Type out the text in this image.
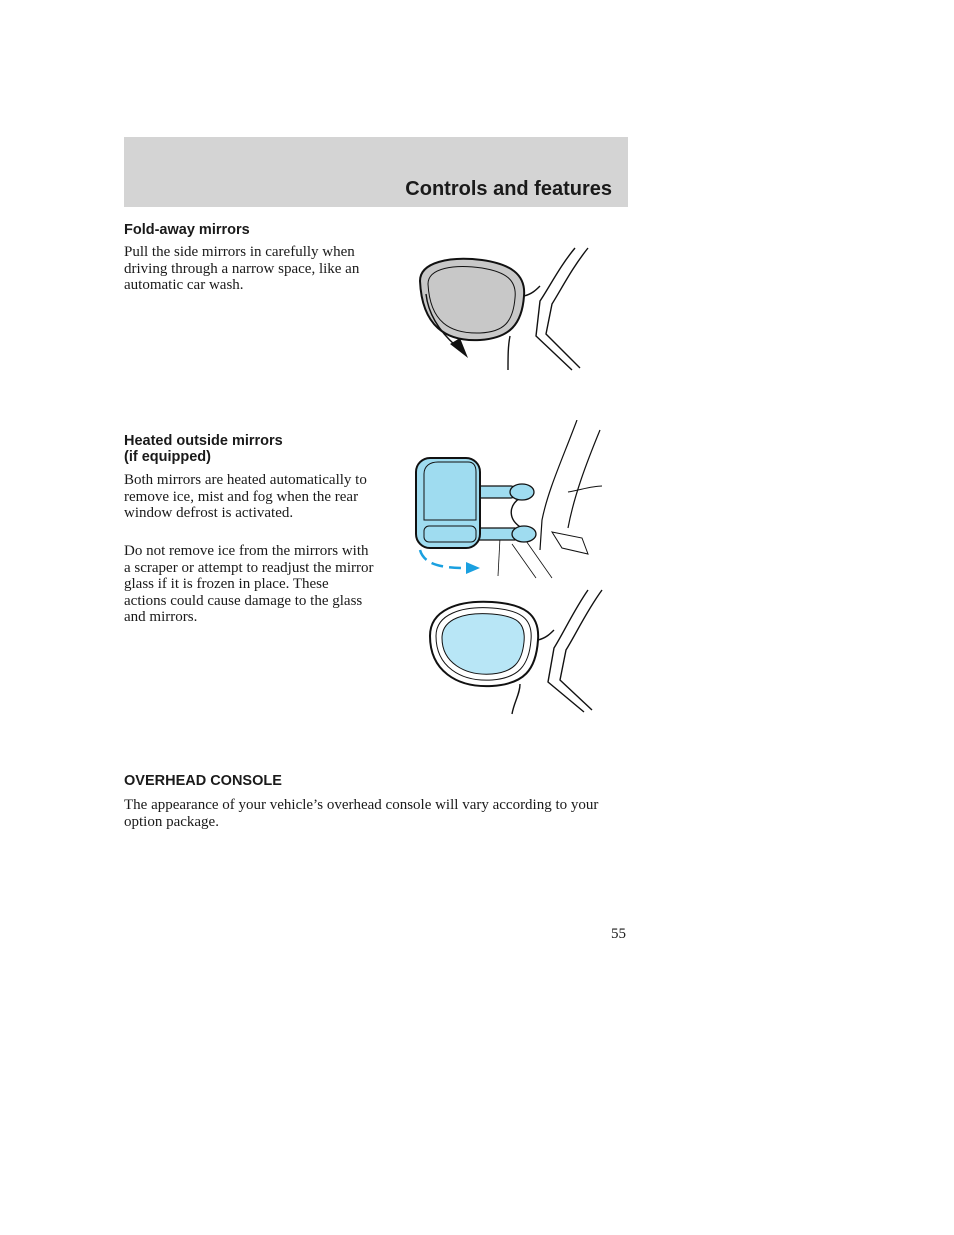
Controls and features
Fold-away mirrors

Pull the side mirrors in carefully when driving through a narrow space, like an automatic car wash.

Heated outside mirrors
(if equipped)

Both mirrors are heated automatically to remove ice, mist and fog when the rear window defrost is activated.

Do not remove ice from the mirrors with a scraper or attempt to readjust the mirror glass if it is frozen in place. These actions could cause damage to the glass and mirrors.

OVERHEAD CONSOLE

The appearance of your vehicle’s overhead console will vary according to your option package.

55
